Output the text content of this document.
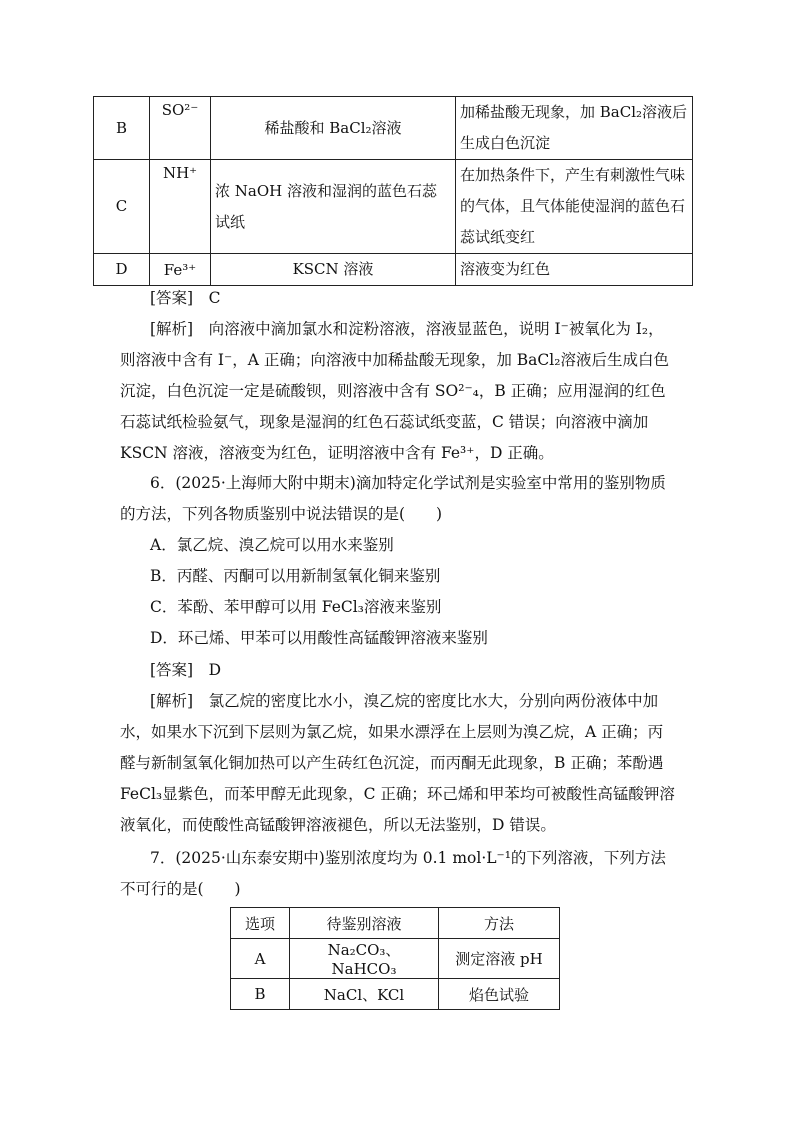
B	SO²⁻	稀盐酸和 BaCl₂溶液	加稀盐酸无现象，加 BaCl₂溶液后生成白色沉淀
C	NH⁺	浓 NaOH 溶液和湿润的蓝色石蕊试纸	在加热条件下，产生有刺激性气味的气体，且气体能使湿润的蓝色石蕊试纸变红
D	Fe³⁺	KSCN 溶液	溶液变为红色

[答案]　C

[解析]　向溶液中滴加氯水和淀粉溶液，溶液显蓝色，说明 I⁻被氧化为 I₂，则溶液中含有 I⁻，A 正确；向溶液中加稀盐酸无现象，加 BaCl₂溶液后生成白色沉淀，白色沉淀一定是硫酸钡，则溶液中含有 SO²⁻₄，B 正确；应用湿润的红色石蕊试纸检验氨气，现象是湿润的红色石蕊试纸变蓝，C 错误；向溶液中滴加 KSCN 溶液，溶液变为红色，证明溶液中含有 Fe³⁺，D 正确。

6．(2025·上海师大附中期末)滴加特定化学试剂是实验室中常用的鉴别物质的方法，下列各物质鉴别中说法错误的是(　　)

A．氯乙烷、溴乙烷可以用水来鉴别

B．丙醛、丙酮可以用新制氢氧化铜来鉴别

C．苯酚、苯甲醇可以用 FeCl₃溶液来鉴别

D．环己烯、甲苯可以用酸性高锰酸钾溶液来鉴别

[答案]　D

[解析]　氯乙烷的密度比水小，溴乙烷的密度比水大，分别向两份液体中加水，如果水下沉到下层则为氯乙烷，如果水漂浮在上层则为溴乙烷，A 正确；丙醛与新制氢氧化铜加热可以产生砖红色沉淀，而丙酮无此现象，B 正确；苯酚遇 FeCl₃显紫色，而苯甲醇无此现象，C 正确；环己烯和甲苯均可被酸性高锰酸钾溶液氧化，而使酸性高锰酸钾溶液褪色，所以无法鉴别，D 错误。

7．(2025·山东泰安期中)鉴别浓度均为 0.1 mol·L⁻¹的下列溶液，下列方法不可行的是(　　)

选项	待鉴别溶液	方法
A	Na₂CO₃、NaHCO₃	测定溶液 pH
B	NaCl、KCl	焰色试验
